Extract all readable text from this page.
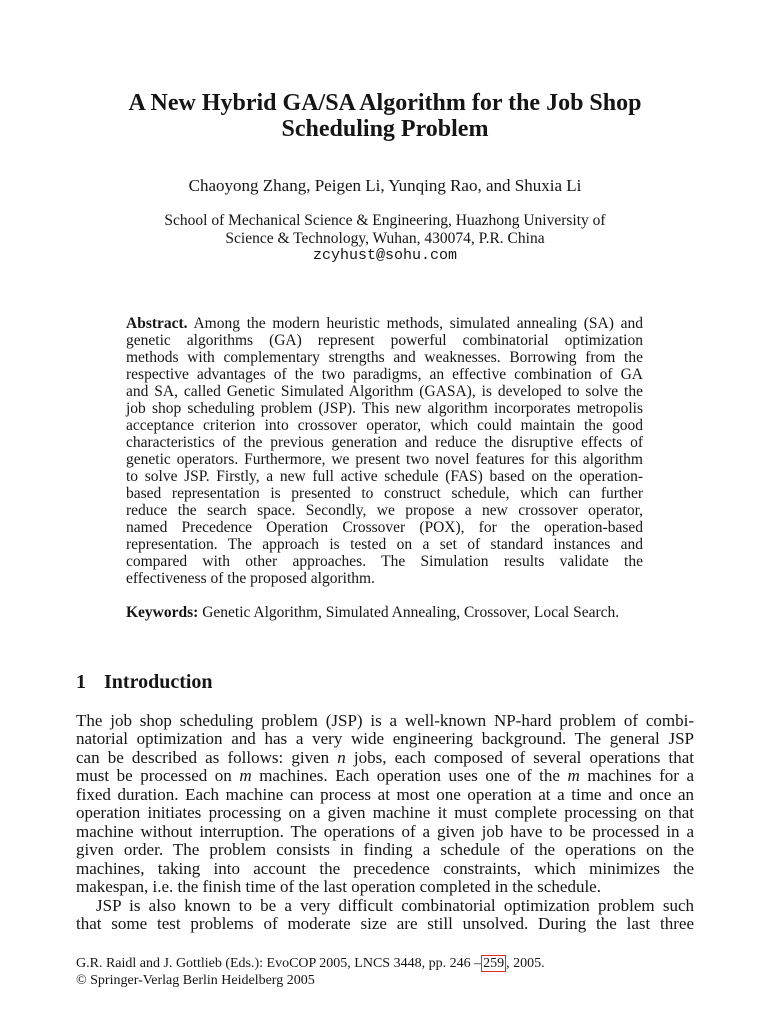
A New Hybrid GA/SA Algorithm for the Job Shop
Scheduling Problem
Chaoyong Zhang, Peigen Li, Yunqing Rao, and Shuxia Li
School of Mechanical Science & Engineering, Huazhong University of
Science & Technology, Wuhan, 430074, P.R. China
zcyhust@sohu.com
Abstract. Among the modern heuristic methods, simulated annealing (SA) and
genetic algorithms (GA) represent powerful combinatorial optimization
methods with complementary strengths and weaknesses. Borrowing from the
respective advantages of the two paradigms, an effective combination of GA
and SA, called Genetic Simulated Algorithm (GASA), is developed to solve the
job shop scheduling problem (JSP). This new algorithm incorporates metropolis
acceptance criterion into crossover operator, which could maintain the good
characteristics of the previous generation and reduce the disruptive effects of
genetic operators. Furthermore, we present two novel features for this algorithm
to solve JSP. Firstly, a new full active schedule (FAS) based on the operation-
based representation is presented to construct schedule, which can further
reduce the search space. Secondly, we propose a new crossover operator,
named Precedence Operation Crossover (POX), for the operation-based
representation. The approach is tested on a set of standard instances and
compared with other approaches. The Simulation results validate the
effectiveness of the proposed algorithm.
Keywords: Genetic Algorithm, Simulated Annealing, Crossover, Local Search.
1 Introduction
The job shop scheduling problem (JSP) is a well-known NP-hard problem of combi-
natorial optimization and has a very wide engineering background. The general JSP
can be described as follows: given n jobs, each composed of several operations that
must be processed on m machines. Each operation uses one of the m machines for a
fixed duration. Each machine can process at most one operation at a time and once an
operation initiates processing on a given machine it must complete processing on that
machine without interruption. The operations of a given job have to be processed in a
given order. The problem consists in finding a schedule of the operations on the
machines, taking into account the precedence constraints, which minimizes the
makespan, i.e. the finish time of the last operation completed in the schedule.
JSP is also known to be a very difficult combinatorial optimization problem such
that some test problems of moderate size are still unsolved. During the last three
G.R. Raidl and J. Gottlieb (Eds.): EvoCOP 2005, LNCS 3448, pp. 246 – 259 , 2005.
© Springer-Verlag Berlin Heidelberg 2005
